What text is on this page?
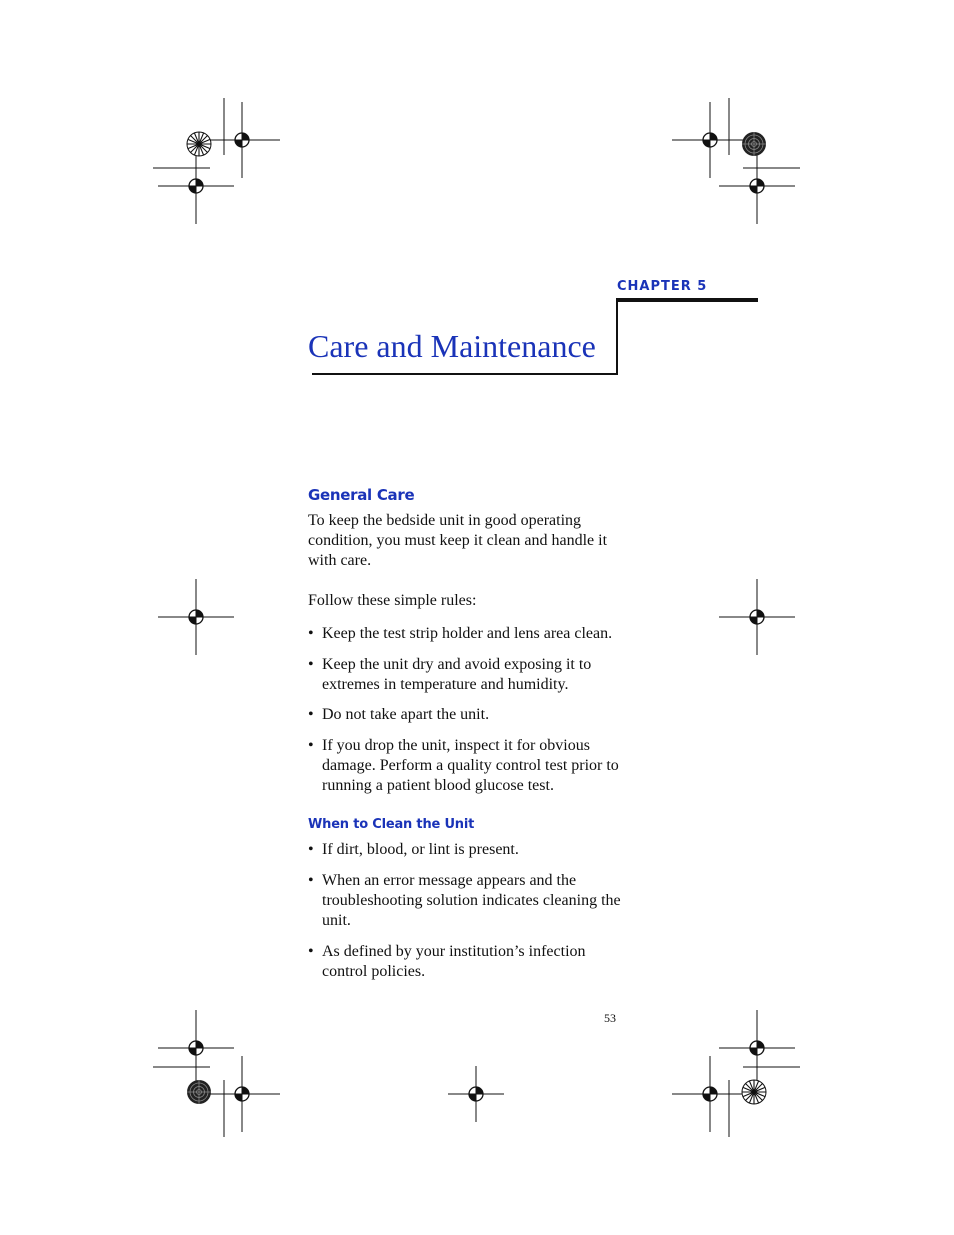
CHAPTER 5
Care and Maintenance
General Care
To keep the bedside unit in good operating condition, you must keep it clean and handle it with care.
Follow these simple rules:
• Keep the test strip holder and lens area clean.
• Keep the unit dry and avoid exposing it to extremes in temperature and humidity.
• Do not take apart the unit.
• If you drop the unit, inspect it for obvious damage. Perform a quality control test prior to running a patient blood glucose test.
When to Clean the Unit
• If dirt, blood, or lint is present.
• When an error message appears and the troubleshooting solution indicates cleaning the unit.
• As defined by your institution’s infection control policies.
53
